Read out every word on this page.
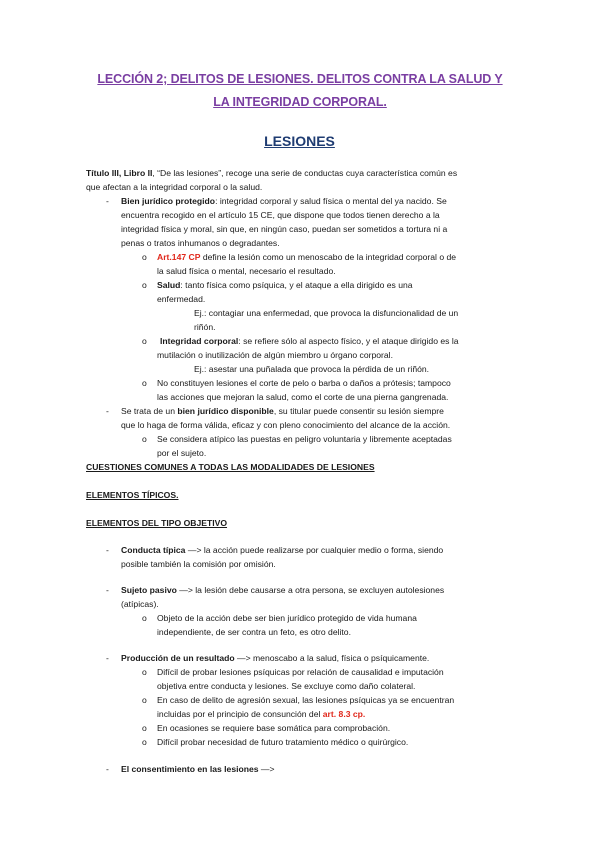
LECCIÓN 2; DELITOS DE LESIONES. DELITOS CONTRA LA SALUD Y
LA INTEGRIDAD CORPORAL.
LESIONES
Título III, Libro II, “De las lesiones”, recoge una serie de conductas cuya característica común es
que afectan a la integridad corporal o la salud.
- Bien jurídico protegido: integridad corporal y salud física o mental del ya nacido. Se
encuentra recogido en el artículo 15 CE, que dispone que todos tienen derecho a la
integridad física y moral, sin que, en ningún caso, puedan ser sometidos a tortura ni a
penas o tratos inhumanos o degradantes.
o Art.147 CP define la lesión como un menoscabo de la integridad corporal o de
la salud física o mental, necesario el resultado.
o Salud: tanto física como psíquica, y el ataque a ella dirigido es una
enfermedad.
Ej.: contagiar una enfermedad, que provoca la disfuncionalidad de un
riñón.
o Integridad corporal: se refiere sólo al aspecto físico, y el ataque dirigido es la
mutilación o inutilización de algún miembro u órgano corporal.
Ej.: asestar una puñalada que provoca la pérdida de un riñón.
o No constituyen lesiones el corte de pelo o barba o daños a prótesis; tampoco
las acciones que mejoran la salud, como el corte de una pierna gangrenada.
- Se trata de un bien jurídico disponible, su titular puede consentir su lesión siempre
que lo haga de forma válida, eficaz y con pleno conocimiento del alcance de la acción.
o Se considera atípico las puestas en peligro voluntaria y libremente aceptadas
por el sujeto.
CUESTIONES COMUNES A TODAS LAS MODALIDADES DE LESIONES
ELEMENTOS TÍPICOS.
ELEMENTOS DEL TIPO OBJETIVO
- Conducta típica —> la acción puede realizarse por cualquier medio o forma, siendo
posible también la comisión por omisión.
- Sujeto pasivo —> la lesión debe causarse a otra persona, se excluyen autolesiones
(atípicas).
o Objeto de la acción debe ser bien jurídico protegido de vida humana
independiente, de ser contra un feto, es otro delito.
- Producción de un resultado —> menoscabo a la salud, física o psíquicamente.
o Difícil de probar lesiones psíquicas por relación de causalidad e imputación
objetiva entre conducta y lesiones. Se excluye como daño colateral.
o En caso de delito de agresión sexual, las lesiones psíquicas ya se encuentran
incluidas por el principio de consunción del art. 8.3 cp.
o En ocasiones se requiere base somática para comprobación.
o Difícil probar necesidad de futuro tratamiento médico o quirúrgico.
- El consentimiento en las lesiones —>
